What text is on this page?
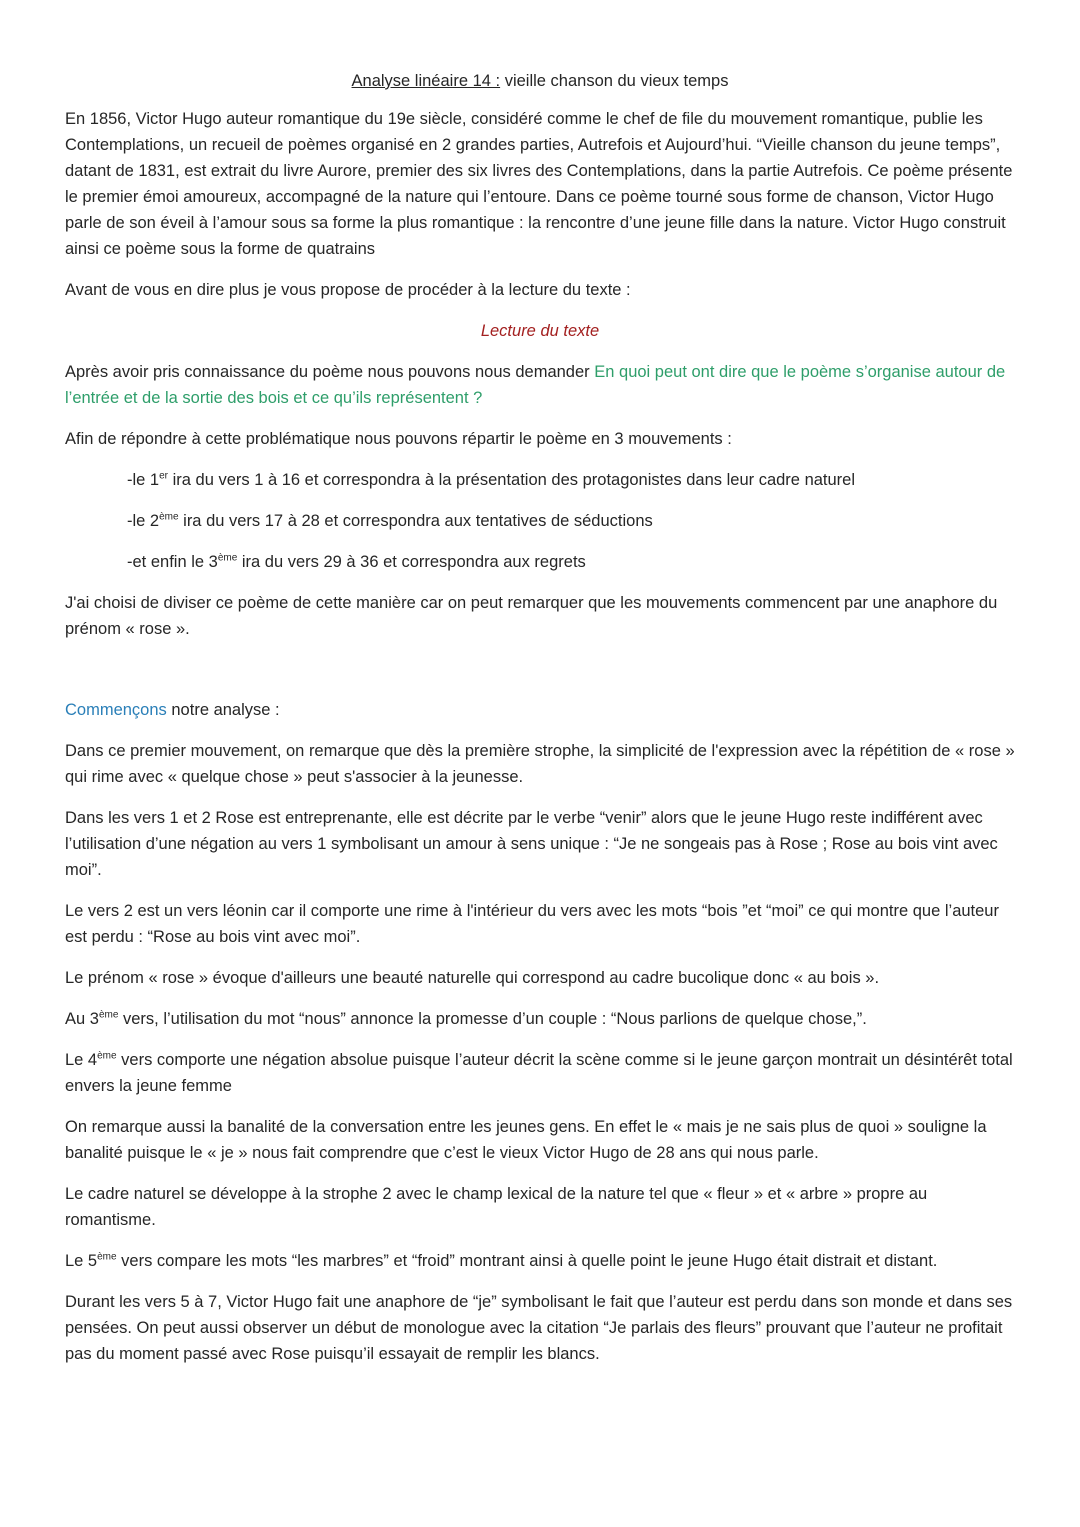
Analyse linéaire 14 : vieille chanson du vieux temps

En 1856, Victor Hugo auteur romantique du 19e siècle, considéré comme le chef de file du mouvement romantique, publie les Contemplations, un recueil de poèmes organisé en 2 grandes parties, Autrefois et Aujourd’hui. “Vieille chanson du jeune temps”, datant de 1831, est extrait du livre Aurore, premier des six livres des Contemplations, dans la partie Autrefois. Ce poème présente le premier émoi amoureux, accompagné de la nature qui l’entoure. Dans ce poème tourné sous forme de chanson, Victor Hugo parle de son éveil à l’amour sous sa forme la plus romantique : la rencontre d’une jeune fille dans la nature. Victor Hugo construit ainsi ce poème sous la forme de quatrains

Avant de vous en dire plus je vous propose de procéder à la lecture du texte :

Lecture du texte

Après avoir pris connaissance du poème nous pouvons nous demander En quoi peut ont dire que le poème s’organise autour de l’entrée et de la sortie des bois et ce qu’ils représentent ?

Afin de répondre à cette problématique nous pouvons répartir le poème en 3 mouvements :

-le 1er ira du vers 1 à 16 et correspondra à la présentation des protagonistes dans leur cadre naturel

-le 2ème ira du vers 17 à 28 et correspondra aux tentatives de séductions

-et enfin le 3ème ira du vers 29 à 36 et correspondra aux regrets

J'ai choisi de diviser ce poème de cette manière car on peut remarquer que les mouvements commencent par une anaphore du prénom « rose ».

Commençons notre analyse :

Dans ce premier mouvement, on remarque que dès la première strophe, la simplicité de l'expression avec la répétition de « rose » qui rime avec « quelque chose » peut s'associer à la jeunesse.

Dans les vers 1 et 2 Rose est entreprenante, elle est décrite par le verbe “venir” alors que le jeune Hugo reste indifférent avec l’utilisation d’une négation au vers 1 symbolisant un amour à sens unique : “Je ne songeais pas à Rose ; Rose au bois vint avec moi”.

Le vers 2 est un vers léonin car il comporte une rime à l'intérieur du vers avec les mots “bois ”et “moi” ce qui montre que l’auteur est perdu : “Rose au bois vint avec moi”.

Le prénom « rose » évoque d'ailleurs une beauté naturelle qui correspond au cadre bucolique donc « au bois ».

Au 3ème vers, l’utilisation du mot “nous” annonce la promesse d’un couple : “Nous parlions de quelque chose,”.

Le 4ème vers comporte une négation absolue puisque l’auteur décrit la scène comme si le jeune garçon montrait un désintérêt total envers la jeune femme

On remarque aussi la banalité de la conversation entre les jeunes gens. En effet le « mais je ne sais plus de quoi » souligne la banalité puisque le « je » nous fait comprendre que c’est le vieux Victor Hugo de 28 ans qui nous parle.

Le cadre naturel se développe à la strophe 2 avec le champ lexical de la nature tel que « fleur » et « arbre » propre au romantisme.

Le 5ème vers compare les mots “les marbres” et “froid” montrant ainsi à quelle point le jeune Hugo était distrait et distant.

Durant les vers 5 à 7, Victor Hugo fait une anaphore de “je” symbolisant le fait que l’auteur est perdu dans son monde et dans ses pensées. On peut aussi observer un début de monologue avec la citation “Je parlais des fleurs” prouvant que l’auteur ne profitait pas du moment passé avec Rose puisqu’il essayait de remplir les blancs.
